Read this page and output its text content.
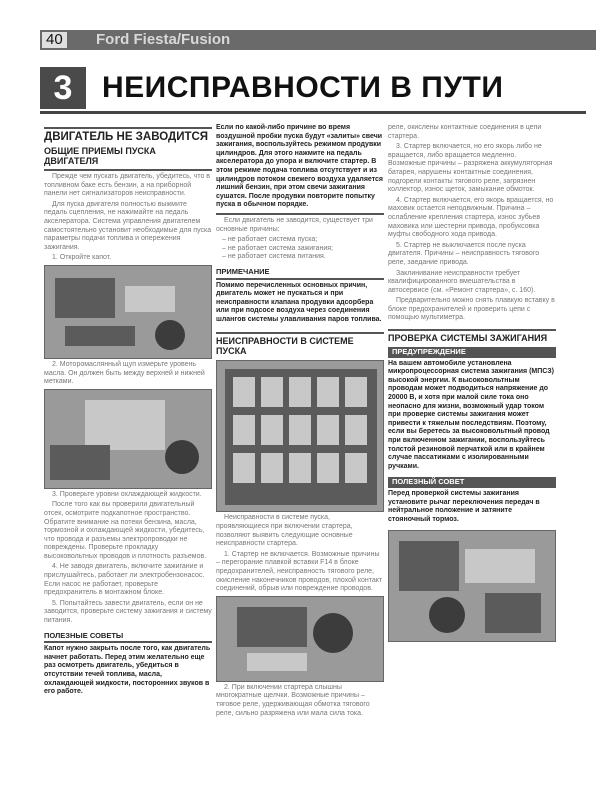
40 Ford Fiesta/Fusion
3 НЕИСПРАВНОСТИ В ПУТИ
ДВИГАТЕЛЬ НЕ ЗАВОДИТСЯ
ОБЩИЕ ПРИЕМЫ ПУСКА ДВИГАТЕЛЯ

Прежде чем пускать двигатель, убедитесь, что в топливном баке есть бензин, а на приборной панели нет сигнализаторов неисправности.

Для пуска двигателя полностью выжмите педаль сцепления, не нажимайте на педаль акселератора. Система управления двигателем самостоятельно установит необходимые для пуска параметры подачи топлива и опережения зажигания.

1. Откройте капот.

2. Моторомаслянный щуп измерьте уровень масла. Он должен быть между верхней и нижней метками.

3. Проверьте уровни охлаждающей жидкости.

После того как вы проверили двигательный отсек, осмотрите подкапотное пространство. Обратите внимание на потеки бензина, масла, тормозной и охлаждающей жидкости, убедитесь, что провода и разъемы электропроводки не повреждены. Проверьте прокладку высоковольтных проводов и плотность разъемов.

4. Не заводя двигатель, включите зажигание и прислушайтесь, работает ли электробензонасос. Если насос не работает, проверьте предохранитель в монтажном блоке.

5. Попытайтесь завести двигатель, если он не заводится, проверьте систему зажигания и систему питания.

ПОЛЕЗНЫЕ СОВЕТЫ
Капот нужно закрыть после того, как двигатель начнет работать. Перед этим желательно еще раз осмотреть двигатель, убедиться в отсутствии течей топлива, масла, охлаждающей жидкости, посторонних звуков в его работе.
Если по какой-либо причине во время воздушной пробки пуска будут «залиты» свечи зажигания, воспользуйтесь режимом продувки цилиндров. Для этого нажмите на педаль акселератора до упора и включите стартер. В этом режиме подача топлива отсутствует и из цилиндров потоком свежего воздуха удаляется лишний бензин, при этом свечи зажигания сушатся. После продувки повторите попытку пуска в обычном порядке.

Если двигатель не заводится, существует три основные причины:

– не работает система пуска;
– не работает система зажигания;
– не работает система питания.
ПРИМЕЧАНИЕ
Помимо перечисленных основных причин, двигатель может не пускаться и при неисправности клапана продувки адсорбера или при подсосе воздуха через соединения шлангов системы улавливания паров топлива.
НЕИСПРАВНОСТИ В СИСТЕМЕ ПУСКА

Неисправности в системе пуска, проявляющиеся при включении стартера, позволяют выявить следующие основные неисправности стартера.

1. Стартер не включается. Возможные причины – перегорание плавкой вставки F14 в блоке предохранителей, неисправность тягового реле, окисление наконечников проводов, плохой контакт соединений, обрыв или повреждение проводов.

2. При включении стартера слышны многократные щелчки. Возможные причины – тяговое реле, удерживающая обмотка тягового реле, сильно разряжена или мала сила тока.

реле, окислены контактные соединения в цепи стартера.

3. Стартер включается, но его якорь либо не вращается, либо вращается медленно. Возможные причины – разряжена аккумуляторная батарея, нарушены контактные соединения, подгорели контакты тягового реле, загрязнен коллектор, износ щеток, замыкание обмоток.

4. Стартер включается, его якорь вращается, но маховик остается неподвижным. Причина – ослабление крепления стартера, износ зубьев маховика или шестерни привода, пробуксовка муфты свободного хода привода.

5. Стартер не выключается после пуска двигателя. Причины – неисправность тягового реле, заедание привода.

Заклинивание неисправности требует квалифицированного вмешательства в автосервисе (см. «Ремонт стартера», с. 160).

Предварительно можно снять плавкую вставку в блоке предохранителей и проверить цепи с помощью мультиметра.

ПРОВЕРКА СИСТЕМЫ ЗАЖИГАНИЯ
ПРЕДУПРЕЖДЕНИЕ
На вашем автомобиле установлена микропроцессорная система зажигания (МПСЗ) высокой энергии. К высоковольтным проводам может подводиться напряжение до 20000 В, и хотя при малой силе тока оно неопасно для жизни, возможный удар током при проверке системы зажигания может привести к тяжелым последствиям. Поэтому, если вы беретесь за высоковольтный провод при включенном зажигании, воспользуйтесь толстой резиновой перчаткой или в крайнем случае пассатижами с изолированными ручками.
ПОЛЕЗНЫЙ СОВЕТ
Перед проверкой системы зажигания установите рычаг переключения передач в нейтральное положение и затяните стояночный тормоз.
